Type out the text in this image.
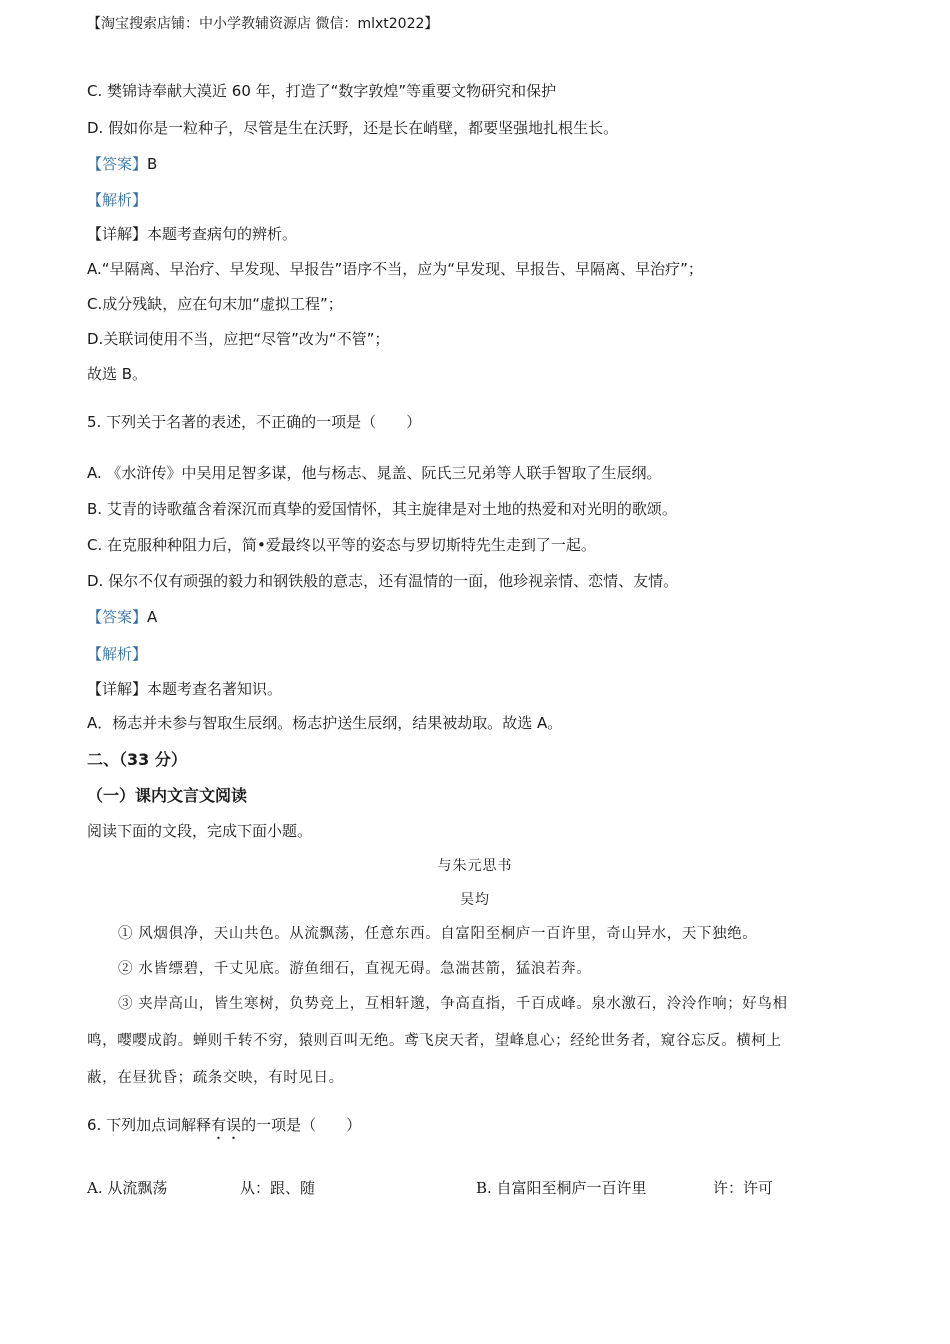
【淘宝搜索店铺：中小学教辅资源店 微信：mlxt2022】
C. 樊锦诗奉献大漠近 60 年，打造了“数字敦煌”等重要文物研究和保护
D. 假如你是一粒种子，尽管是生在沃野，还是长在峭壁，都要坚强地扎根生长。
【答案】B
【解析】
【详解】本题考查病句的辨析。
A.“早隔离、早治疗、早发现、早报告”语序不当，应为“早发现、早报告、早隔离、早治疗”；
C.成分残缺，应在句末加“虚拟工程”；
D.关联词使用不当，应把“尽管”改为“不管”；
故选 B。
5. 下列关于名著的表述，不正确的一项是（　　）
A. 《水浒传》中吴用足智多谋，他与杨志、晁盖、阮氏三兄弟等人联手智取了生辰纲。
B. 艾青的诗歌蕴含着深沉而真挚的爱国情怀，其主旋律是对土地的热爱和对光明的歌颂。
C. 在克服种种阻力后，简•爱最终以平等的姿态与罗切斯特先生走到了一起。
D. 保尔不仅有顽强的毅力和钢铁般的意志，还有温情的一面，他珍视亲情、恋情、友情。
【答案】A
【解析】
【详解】本题考查名著知识。
A．杨志并未参与智取生辰纲。杨志护送生辰纲，结果被劫取。故选 A。
二、（33 分）
（一）课内文言文阅读
阅读下面的文段，完成下面小题。
与朱元思书
吴均
① 风烟俱净，天山共色。从流飘荡，任意东西。自富阳至桐庐一百许里，奇山异水，天下独绝。
② 水皆缥碧，千丈见底。游鱼细石，直视无碍。急湍甚箭，猛浪若奔。
③ 夹岸高山，皆生寒树，负势竞上，互相轩邈，争高直指，千百成峰。泉水激石，泠泠作响；好鸟相
鸣，嘤嘤成韵。蝉则千转不穷，猿则百叫无绝。鸢飞戾天者，望峰息心；经纶世务者，窥谷忘反。横柯上
蔽，在昼犹昏；疏条交映，有时见日。
6. 下列加点词解释有误的一项是（　　）
A. 从流飘荡	从：跟、随	B. 自富阳至桐庐一百许里	许：许可
